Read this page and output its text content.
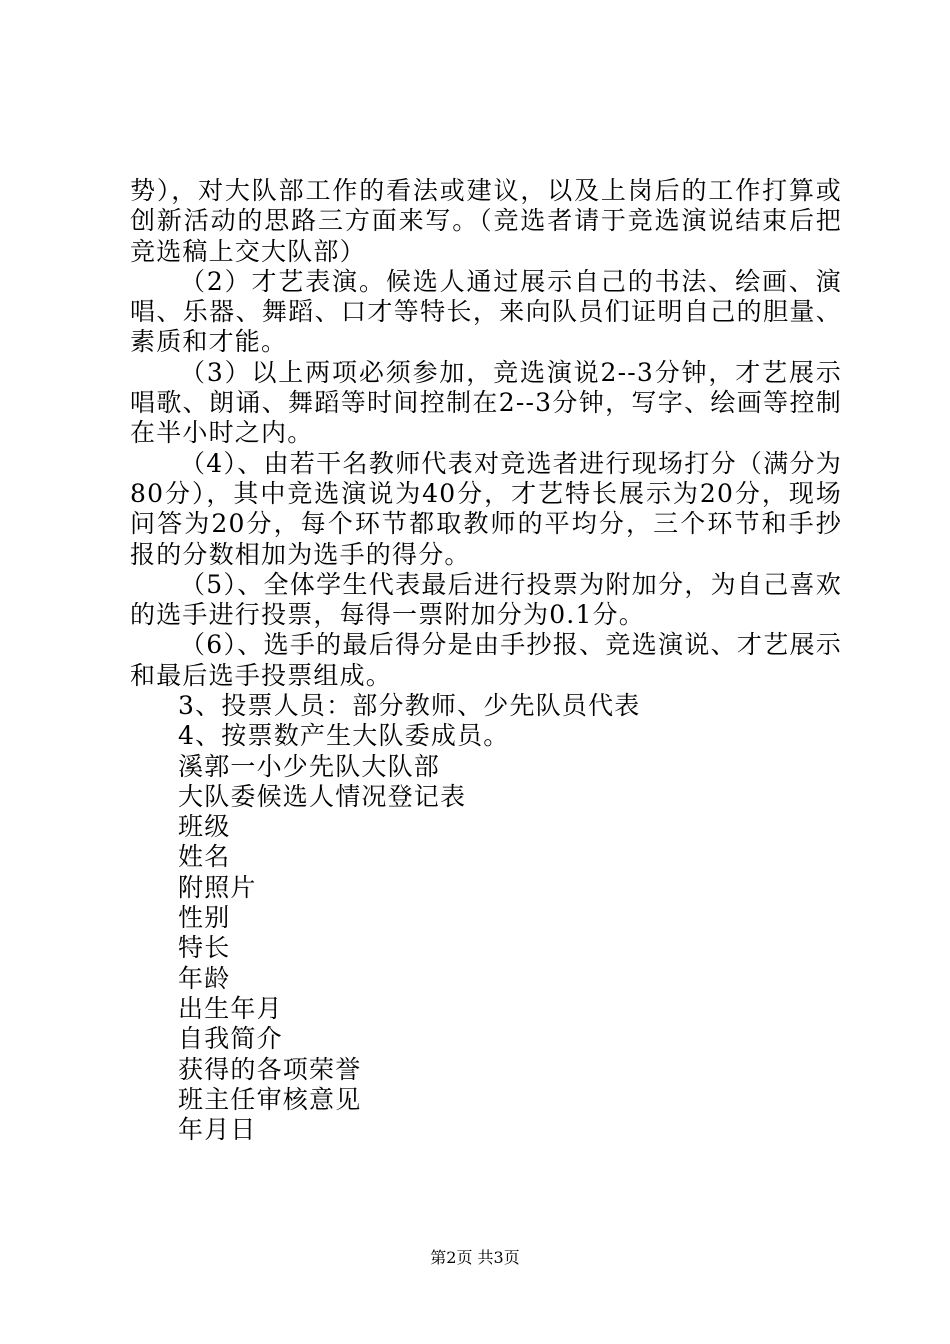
势），对大队部工作的看法或建议，以及上岗后的工作打算或创新活动的思路三方面来写。（竞选者请于竞选演说结束后把竞选稿上交大队部）

（2）才艺表演。候选人通过展示自己的书法、绘画、演唱、乐器、舞蹈、口才等特长，来向队员们证明自己的胆量、素质和才能。

（3）以上两项必须参加，竞选演说2--3分钟，才艺展示唱歌、朗诵、舞蹈等时间控制在2--3分钟，写字、绘画等控制在半小时之内。

（4）、由若干名教师代表对竞选者进行现场打分（满分为80分），其中竞选演说为40分，才艺特长展示为20分，现场问答为20分，每个环节都取教师的平均分，三个环节和手抄报的分数相加为选手的得分。

（5）、全体学生代表最后进行投票为附加分，为自己喜欢的选手进行投票，每得一票附加分为0.1分。

（6）、选手的最后得分是由手抄报、竞选演说、才艺展示和最后选手投票组成。

3、投票人员：部分教师、少先队员代表
4、按票数产生大队委成员。
溪郭一小少先队大队部
大队委候选人情况登记表
班级
姓名
附照片
性别
特长
年龄
出生年月
自我简介
获得的各项荣誉
班主任审核意见
年月日
第2页 共3页
